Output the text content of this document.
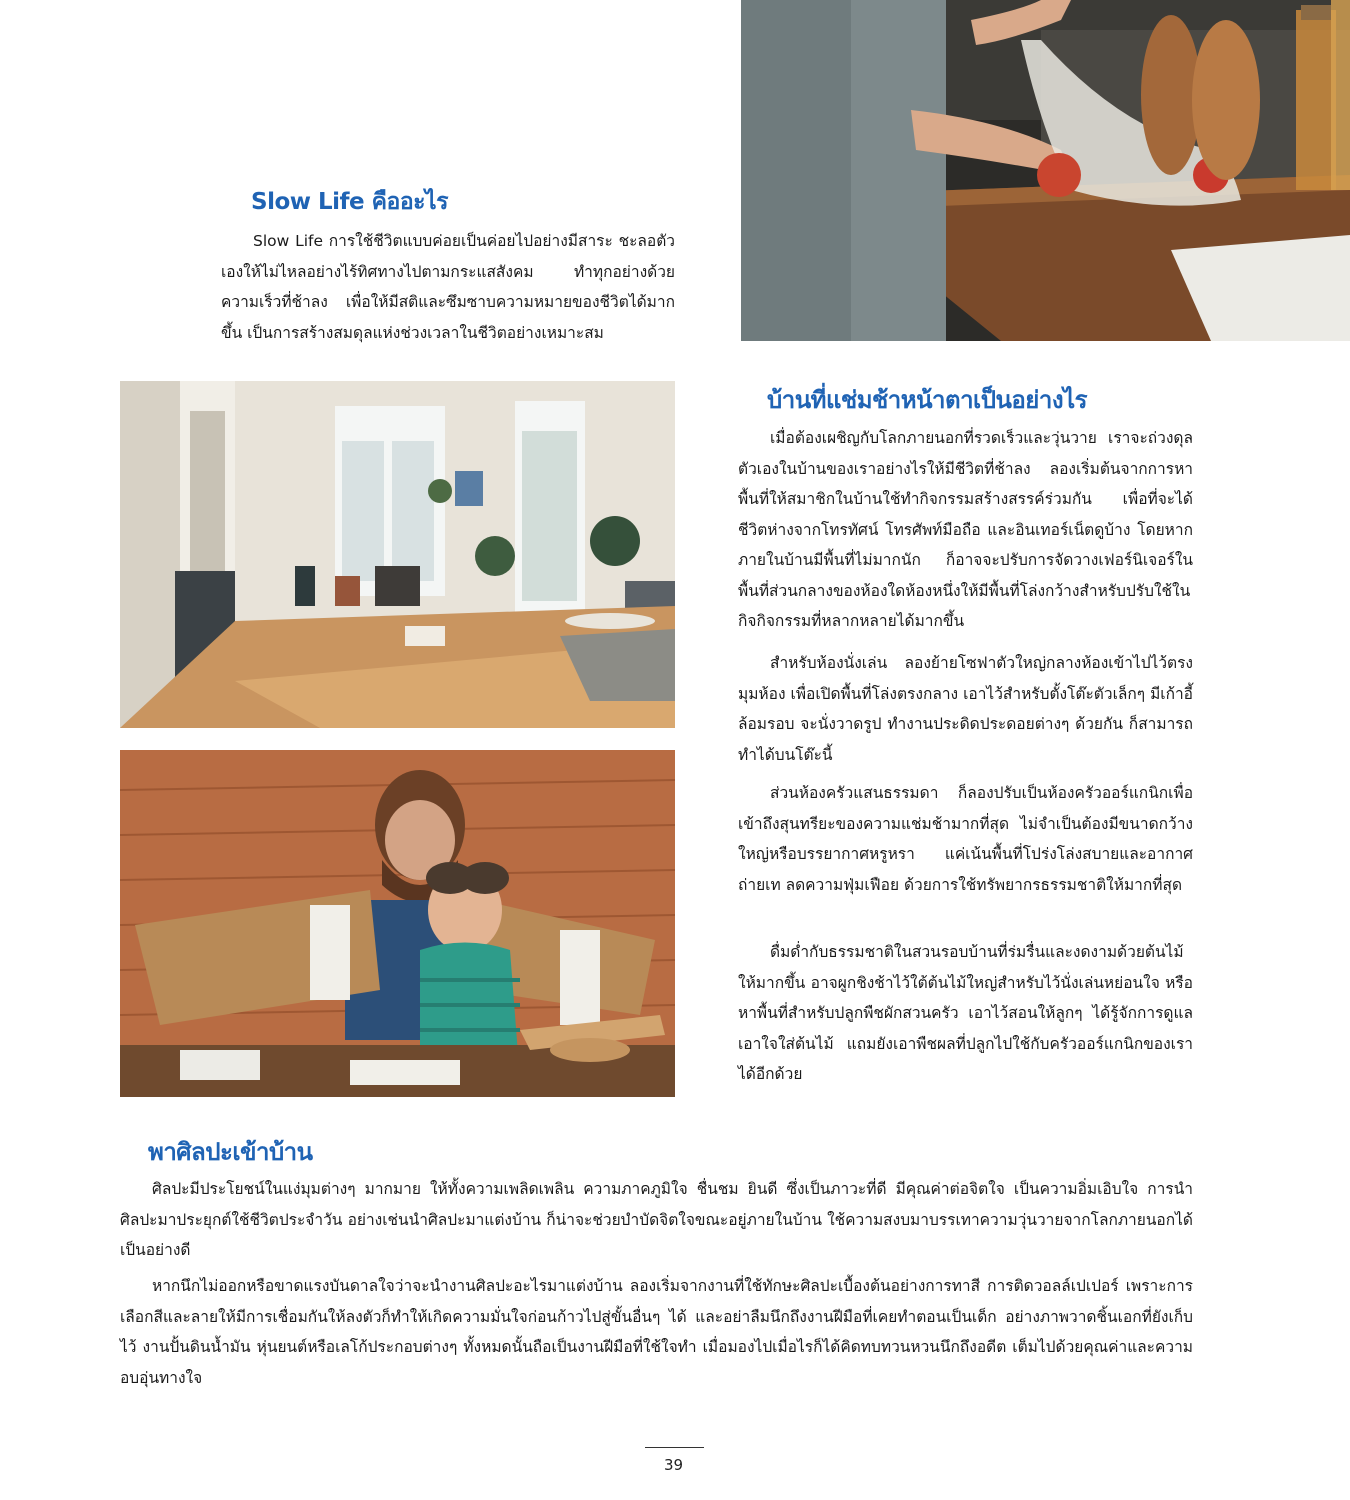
Slow Life คืออะไร

Slow Life การใช้ชีวิตแบบค่อยเป็นค่อยไปอย่างมีสาระ ชะลอตัวเองให้ไม่ไหลอย่างไร้ทิศทางไปตามกระแสสังคม ทำทุกอย่างด้วยความเร็วที่ช้าลง เพื่อให้มีสติและซึมซาบความหมายของชีวิตได้มากขึ้น เป็นการสร้างสมดุลแห่งช่วงเวลาในชีวิตอย่างเหมาะสม

บ้านที่แช่มช้าหน้าตาเป็นอย่างไร

เมื่อต้องเผชิญกับโลกภายนอกที่รวดเร็วและวุ่นวาย เราจะถ่วงดุลตัวเองในบ้านของเราอย่างไรให้มีชีวิตที่ช้าลง ลองเริ่มต้นจากการหาพื้นที่ให้สมาชิกในบ้านใช้ทำกิจกรรมสร้างสรรค์ร่วมกัน เพื่อที่จะได้ชีวิตห่างจากโทรทัศน์ โทรศัพท์มือถือ และอินเทอร์เน็ตดูบ้าง โดยหากภายในบ้านมีพื้นที่ไม่มากนัก ก็อาจจะปรับการจัดวางเฟอร์นิเจอร์ในพื้นที่ส่วนกลางของห้องใดห้องหนึ่งให้มีพื้นที่โล่งกว้างสำหรับปรับใช้ในกิจกิจกรรมที่หลากหลายได้มากขึ้น

สำหรับห้องนั่งเล่น ลองย้ายโซฟาตัวใหญ่กลางห้องเข้าไปไว้ตรงมุมห้อง เพื่อเปิดพื้นที่โล่งตรงกลาง เอาไว้สำหรับตั้งโต๊ะตัวเล็กๆ มีเก้าอี้ล้อมรอบ จะนั่งวาดรูป ทำงานประดิดประดอยต่างๆ ด้วยกัน ก็สามารถทำได้บนโต๊ะนี้

ส่วนห้องครัวแสนธรรมดา ก็ลองปรับเป็นห้องครัวออร์แกนิกเพื่อเข้าถึงสุนทรียะของความแช่มช้ามากที่สุด ไม่จำเป็นต้องมีขนาดกว้างใหญ่หรือบรรยากาศหรูหรา แค่เน้นพื้นที่โปร่งโล่งสบายและอากาศถ่ายเท ลดความฟุ่มเฟือย ด้วยการใช้ทรัพยากรธรรมชาติให้มากที่สุด

ดื่มด่ำกับธรรมชาติในสวนรอบบ้านที่ร่มรื่นและงดงามด้วยต้นไม้ให้มากขึ้น อาจผูกชิงช้าไว้ใต้ต้นไม้ใหญ่สำหรับไว้นั่งเล่นหย่อนใจ หรือหาพื้นที่สำหรับปลูกพืชผักสวนครัว เอาไว้สอนให้ลูกๆ ได้รู้จักการดูแลเอาใจใส่ต้นไม้ แถมยังเอาพืชผลที่ปลูกไปใช้กับครัวออร์แกนิกของเราได้อีกด้วย

พาศิลปะเข้าบ้าน

ศิลปะมีประโยชน์ในแง่มุมต่างๆ มากมาย ให้ทั้งความเพลิดเพลิน ความภาคภูมิใจ ชื่นชม ยินดี ซึ่งเป็นภาวะที่ดี มีคุณค่าต่อจิตใจ เป็นความอิ่มเอิบใจ การนำศิลปะมาประยุกต์ใช้ชีวิตประจำวัน อย่างเช่นนำศิลปะมาแต่งบ้าน ก็น่าจะช่วยบำบัดจิตใจขณะอยู่ภายในบ้าน ใช้ความสงบมาบรรเทาความวุ่นวายจากโลกภายนอกได้เป็นอย่างดี

หากนึกไม่ออกหรือขาดแรงบันดาลใจว่าจะนำงานศิลปะอะไรมาแต่งบ้าน ลองเริ่มจากงานที่ใช้ทักษะศิลปะเบื้องต้นอย่างการทาสี การติดวอลล์เปเปอร์ เพราะการเลือกสีและลายให้มีการเชื่อมกันให้ลงตัวก็ทำให้เกิดความมั่นใจก่อนก้าวไปสู่ขั้นอื่นๆ ได้ และอย่าลืมนึกถึงงานฝีมือที่เคยทำตอนเป็นเด็ก อย่างภาพวาดชิ้นเอกที่ยังเก็บไว้ งานปั้นดินน้ำมัน หุ่นยนต์หรือเลโก้ประกอบต่างๆ ทั้งหมดนั้นถือเป็นงานฝีมือที่ใช้ใจทำ เมื่อมองไปเมื่อไรก็ได้คิดทบทวนหวนนึกถึงอดีต เต็มไปด้วยคุณค่าและความอบอุ่นทางใจ

39
